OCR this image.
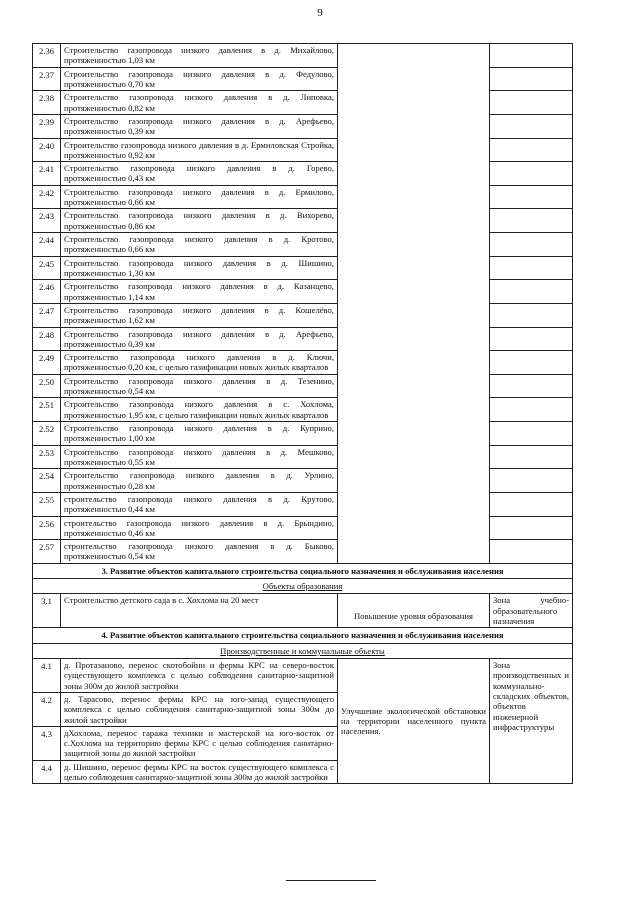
9
2.36	Строительство газопровода низкого давления в д. Михайлово, протяженностью 1,03 км		
2.37	Строительство газопровода низкого давления в д. Федулово, протяженностью 0,70 км		
2.38	Строительство газопровода низкого давления в д. Липовка, протяженностью 0,82 км		
2.39	Строительство газопровода низкого давления в д. Арефьево, протяженностью 0,39 км		
2.40	Строительство газопровода низкого давления в д. Ермиловская Стройка, протяженностью 0,92 км		
2.41	Строительство газопровода низкого давления в д. Горево, протяженностью 0,43 км		
2.42	Строительство газопровода низкого давления в д. Ермилово, протяженностью 0,66 км		
2.43	Строительство газопровода низкого давления в д. Вихорево, протяженностью 0,86 км		
2.44	Строительство газопровода низкого давления в д. Кротово, протяженностью 0,66 км		
2.45	Строительство газопровода низкого давления в д. Шишино, протяженностью 1,30 км		
2.46	Строительство газопровода низкого давления в д. Казанцево, протяженностью 1,14 км		
2.47	Строительство газопровода низкого давления в д. Кошелёво, протяженностью 1,62 км		
2.48	Строительство газопровода низкого давления в д. Арефьево, протяженностью 0,39 км		
2.49	Строительство газопровода низкого давления в д. Ключи, протяженностью 0,20 км, с целью газификации новых жилых кварталов		
2.50	Строительство газопровода низкого давления в д. Тезенино, протяженностью 0,54 км		
2.51	Строительство газопровода низкого давления в с. Хохлома, протяженностью 1,95 км, с целью газификации новых жилых кварталов		
2.52	Строительство газопровода низкого давления в д. Куприно, протяженностью 1,00 км		
2.53	Строительство газопровода низкого давления в д. Мешково, протяженностью 0,55 км		
2.54	Строительство газопровода низкого давления в д. Урлино, протяженностью 0,28 км		
2.55	строительство газопровода низкого давления в д. Крутово, протяженностью 0,44 км		
2.56	строительство газопровода низкого давления в д. Брындино, протяженностью 0,46 км		
2.57	строительство газопровода низкого давления в д. Быково, протяженностью 0,54 км		
3. Развитие объектов капитального строительства социального назначения и обслуживания населения			
Объекты образования			
3.1	Строительство детского сада в с. Хохлома на 20 мест	Повышение уровня образования	Зона учебно-образовательного назначения
4. Развитие объектов капитального строительства социального назначения и обслуживания населения			
Производственные и коммунальные объекты			
4.1	д. Протазаново, перенос скотобойни и фермы КРС на северо-восток существующего комплекса с целью соблюдения санитарно-защитной зоны 300м до жилой застройки	Улучшение экологической обстановки на территории населенного пункта населения.	Зона производственных и коммунально-складских объектов, объектов инженерной инфраструктуры
4.2	д. Тарасово, перенос фермы КРС на юго-запад существующего комплекса с целью соблюдения санитарно-защитной зоны 300м до жилой застройки		
4.3	дХохлома, перенос гаража техники и мастерской на юго-восток от с.Хохлома на территорию фермы КРС с целью соблюдения санитарно-защитной зоны до жилой застройки		
4.4	д. Шишино, перенос фермы КРС на восток существующего комплекса с целью соблюдения санитарно-защитной зоны 300м до жилой застройки		
